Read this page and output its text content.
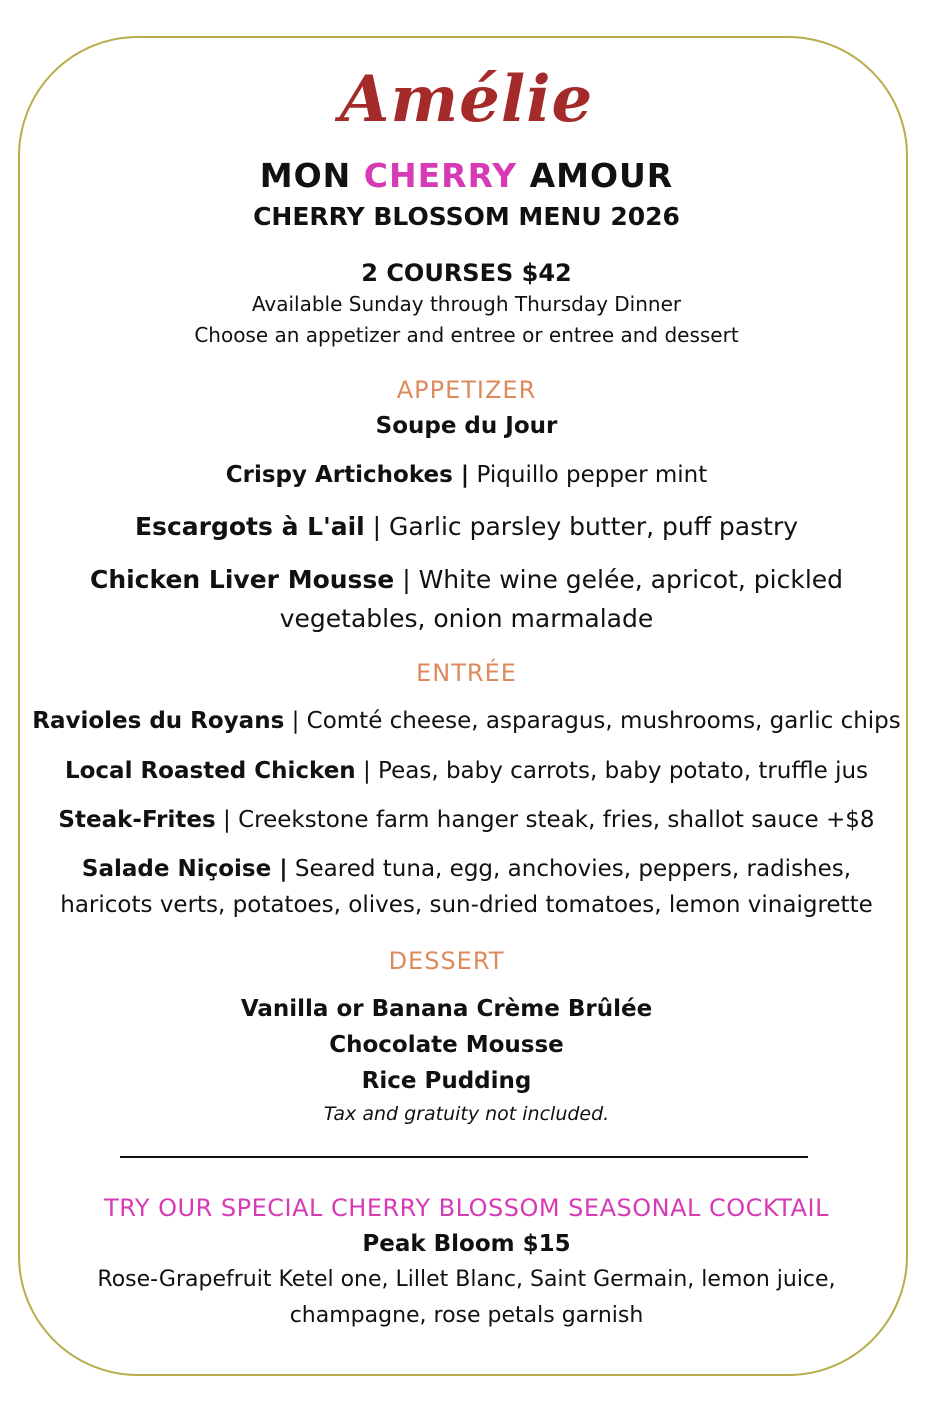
Amélie
MON CHERRY AMOUR
CHERRY BLOSSOM MENU 2026
2 COURSES $42
Available Sunday through Thursday Dinner
Choose an appetizer and entree or entree and dessert
APPETIZER
Soupe du Jour
Crispy Artichokes | Piquillo pepper mint
Escargots à L'ail | Garlic parsley butter, puff pastry
Chicken Liver Mousse | White wine gelée, apricot, pickled
vegetables, onion marmalade
ENTRÉE
Ravioles du Royans | Comté cheese, asparagus, mushrooms, garlic chips
Local Roasted Chicken | Peas, baby carrots, baby potato, truffle jus
Steak-Frites | Creekstone farm hanger steak, fries, shallot sauce +$8
Salade Niçoise | Seared tuna, egg, anchovies, peppers, radishes,
haricots verts, potatoes, olives, sun-dried tomatoes, lemon vinaigrette
DESSERT
Vanilla or Banana Crème Brûlée
Chocolate Mousse
Rice Pudding
Tax and gratuity not included.
TRY OUR SPECIAL CHERRY BLOSSOM SEASONAL COCKTAIL
Peak Bloom $15
Rose-Grapefruit Ketel one, Lillet Blanc, Saint Germain, lemon juice,
champagne, rose petals garnish
